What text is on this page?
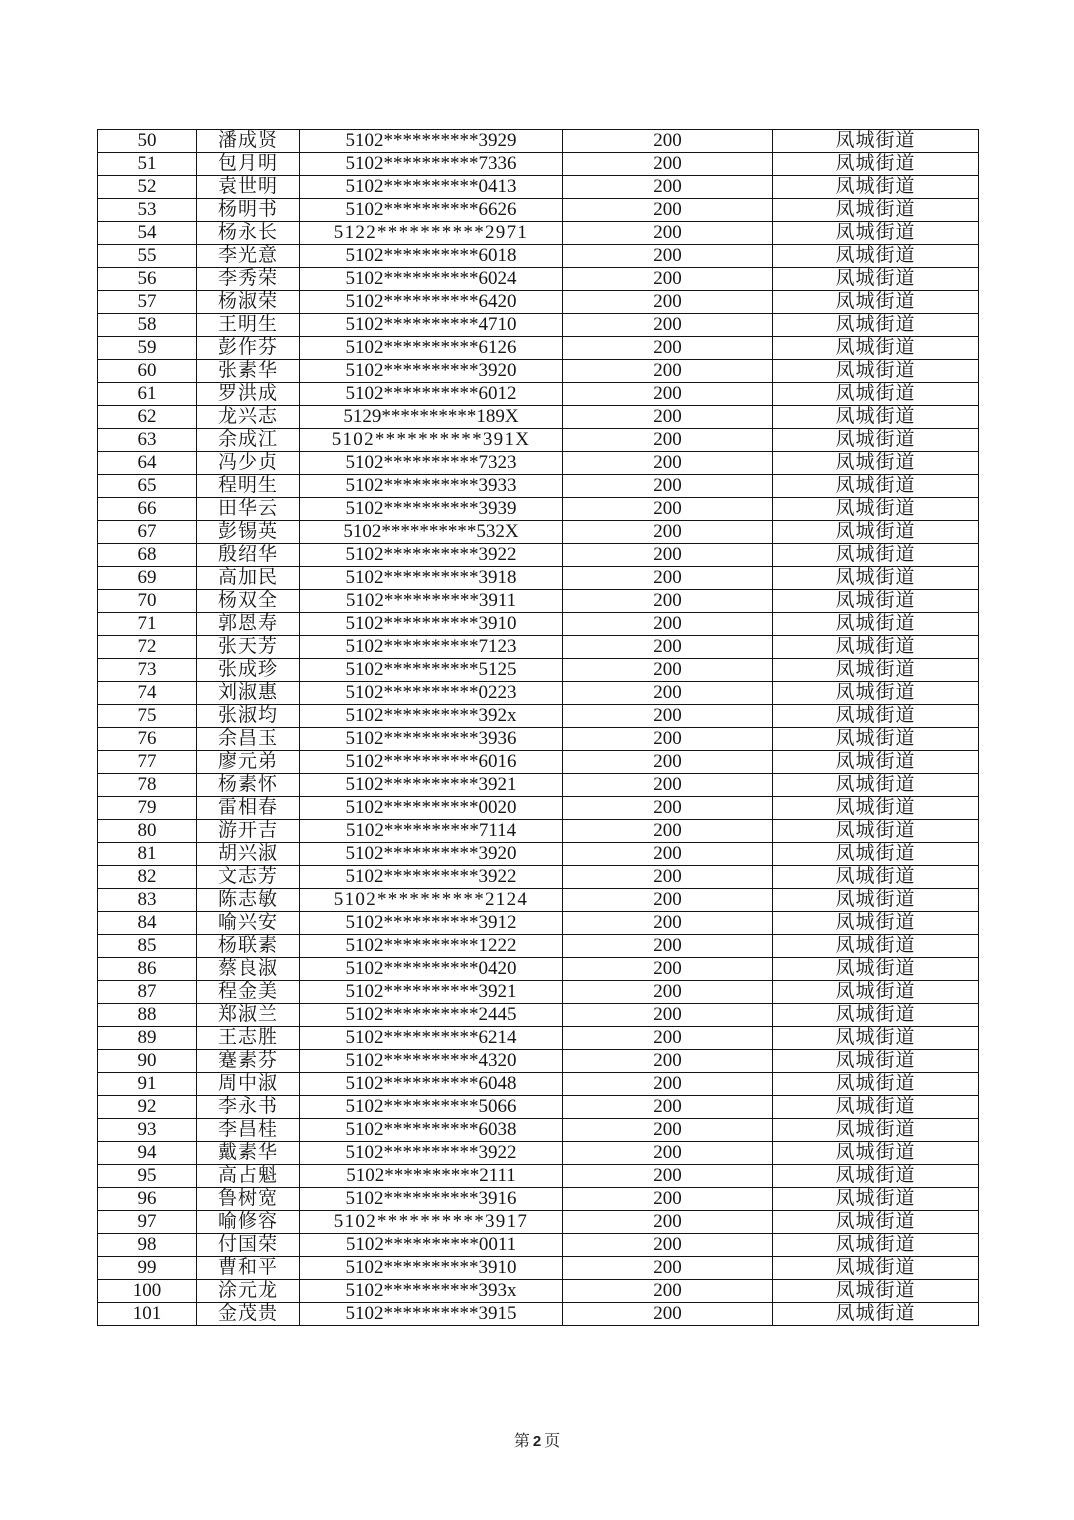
50	潘成贤	5102**********3929	200	凤城街道
51	包月明	5102**********7336	200	凤城街道
52	袁世明	5102**********0413	200	凤城街道
53	杨明书	5102**********6626	200	凤城街道
54	杨永长	5122**********2971	200	凤城街道
55	李光意	5102**********6018	200	凤城街道
56	李秀荣	5102**********6024	200	凤城街道
57	杨淑荣	5102**********6420	200	凤城街道
58	王明生	5102**********4710	200	凤城街道
59	彭作芬	5102**********6126	200	凤城街道
60	张素华	5102**********3920	200	凤城街道
61	罗洪成	5102**********6012	200	凤城街道
62	龙兴志	5129**********189X	200	凤城街道
63	余成江	5102**********391X	200	凤城街道
64	冯少贞	5102**********7323	200	凤城街道
65	程明生	5102**********3933	200	凤城街道
66	田华云	5102**********3939	200	凤城街道
67	彭锡英	5102**********532X	200	凤城街道
68	殷绍华	5102**********3922	200	凤城街道
69	高加民	5102**********3918	200	凤城街道
70	杨双全	5102**********3911	200	凤城街道
71	郭恩寿	5102**********3910	200	凤城街道
72	张天芳	5102**********7123	200	凤城街道
73	张成珍	5102**********5125	200	凤城街道
74	刘淑惠	5102**********0223	200	凤城街道
75	张淑均	5102**********392x	200	凤城街道
76	余昌玉	5102**********3936	200	凤城街道
77	廖元弟	5102**********6016	200	凤城街道
78	杨素怀	5102**********3921	200	凤城街道
79	雷相春	5102**********0020	200	凤城街道
80	游开吉	5102**********7114	200	凤城街道
81	胡兴淑	5102**********3920	200	凤城街道
82	文志芳	5102**********3922	200	凤城街道
83	陈志敏	5102**********2124	200	凤城街道
84	喻兴安	5102**********3912	200	凤城街道
85	杨联素	5102**********1222	200	凤城街道
86	蔡良淑	5102**********0420	200	凤城街道
87	程金美	5102**********3921	200	凤城街道
88	郑淑兰	5102**********2445	200	凤城街道
89	王志胜	5102**********6214	200	凤城街道
90	蹇素芬	5102**********4320	200	凤城街道
91	周中淑	5102**********6048	200	凤城街道
92	李永书	5102**********5066	200	凤城街道
93	李昌桂	5102**********6038	200	凤城街道
94	戴素华	5102**********3922	200	凤城街道
95	高占魁	5102**********2111	200	凤城街道
96	鲁树宽	5102**********3916	200	凤城街道
97	喻修容	5102**********3917	200	凤城街道
98	付国荣	5102**********0011	200	凤城街道
99	曹和平	5102**********3910	200	凤城街道
100	涂元龙	5102**********393x	200	凤城街道
101	金茂贵	5102**********3915	200	凤城街道
第 2 页
